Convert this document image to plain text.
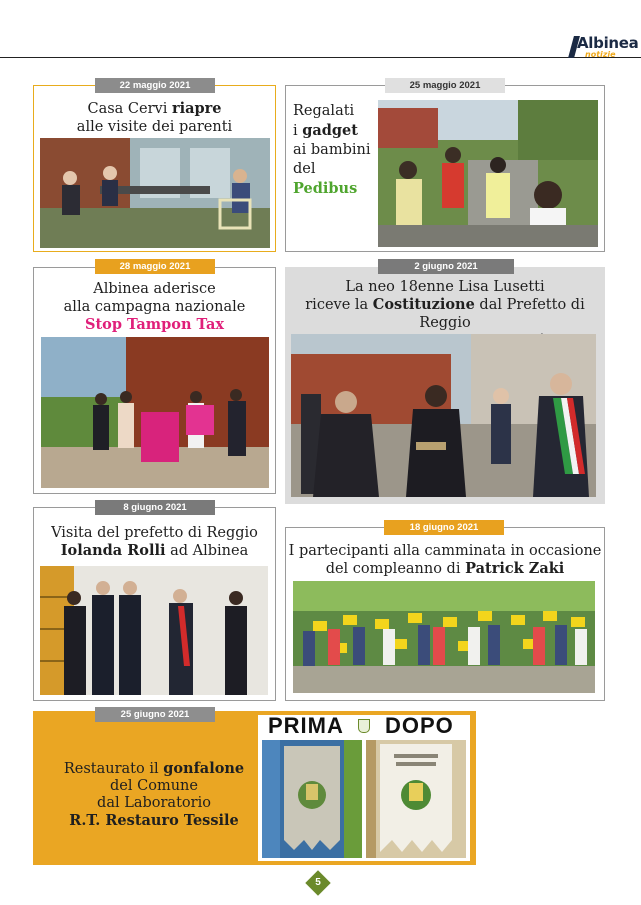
Albinea
notizie
22 maggio 2021
Casa Cervi riapre
alle visite dei parenti
25 maggio 2021
Regalati
i gadget
ai bambini
del
Pedibus
28 maggio 2021
Albinea aderisce
alla campagna nazionale
Stop Tampon Tax
2 giugno 2021
La neo 18enne Lisa Lusetti
riceve la Costituzione dal Prefetto di Reggio

8 giugno 2021
Visita del prefetto di Reggio
Iolanda Rolli ad Albinea
18 giugno 2021
I partecipanti alla camminata in occasione
del compleanno di Patrick Zaki
25 giugno 2021
Restaurato il gonfalone
del Comune
dal Laboratorio
R.T. Restauro Tessile
PRIMA DOPO
5
